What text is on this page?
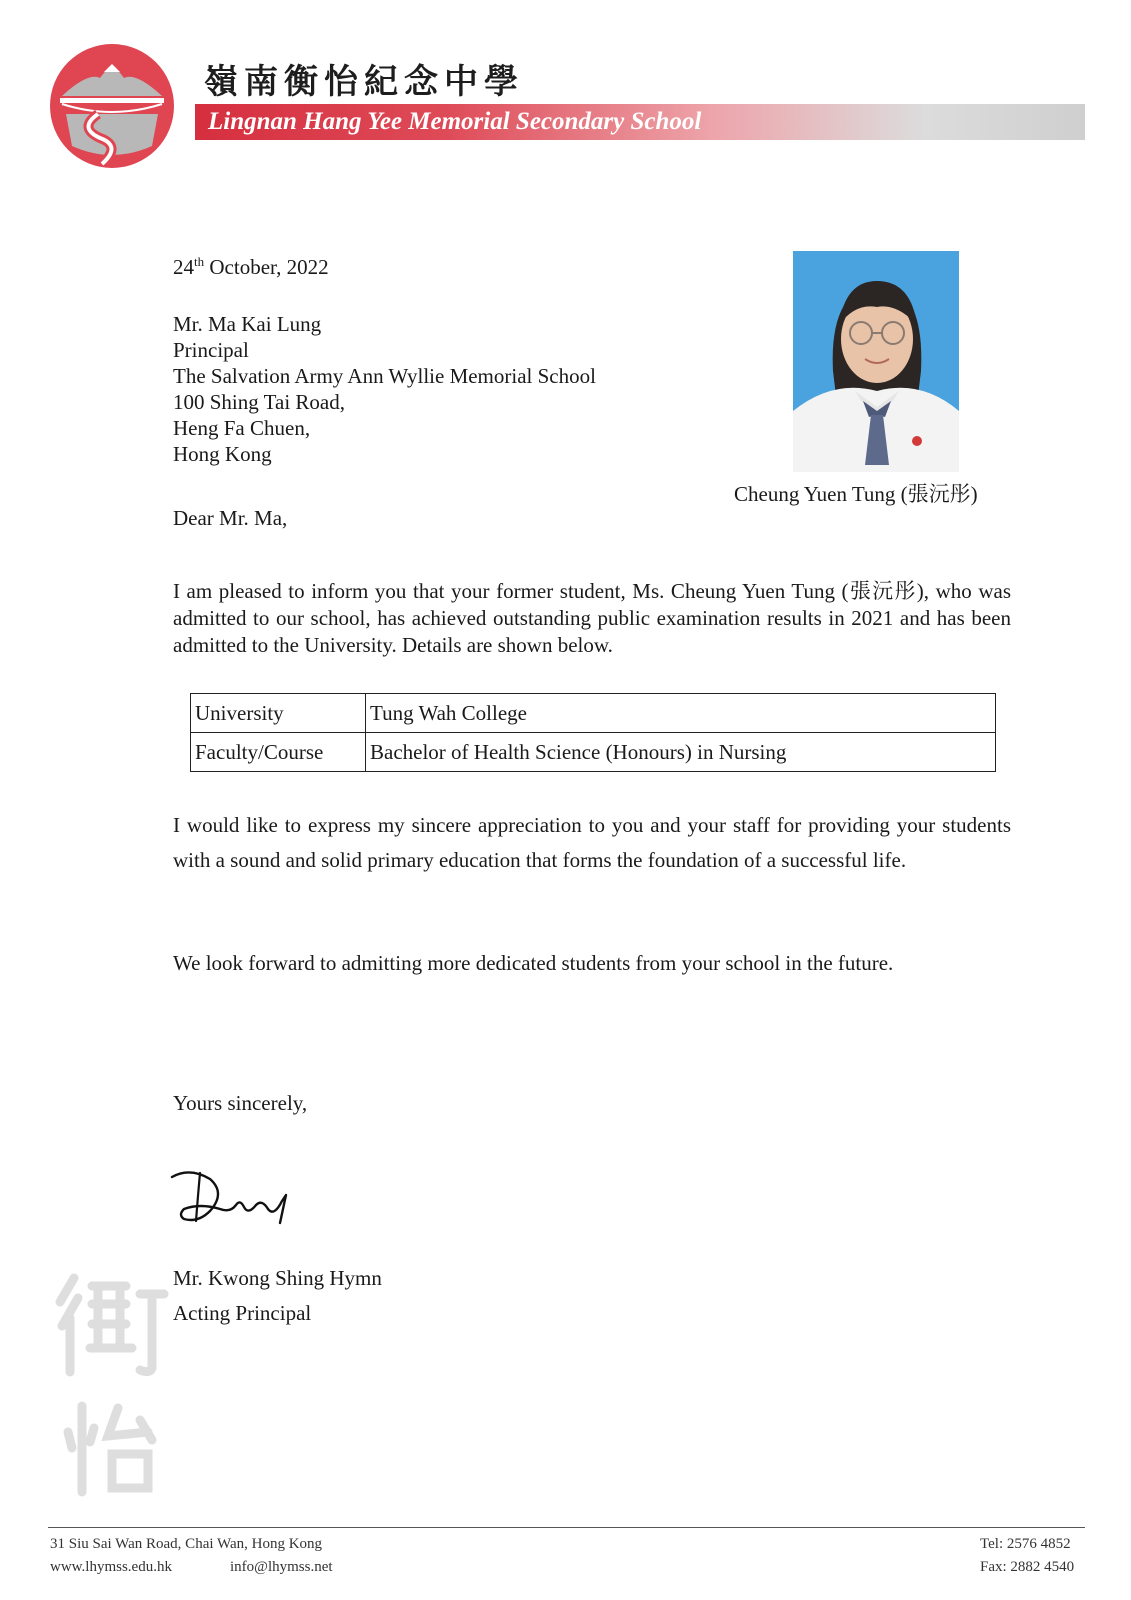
嶺南衡怡紀念中學
Lingnan Hang Yee Memorial Secondary School
24th October, 2022
Mr. Ma Kai Lung
Principal
The Salvation Army Ann Wyllie Memorial School
100 Shing Tai Road,
Heng Fa Chuen,
Hong Kong
Cheung Yuen Tung (張沅彤)
Dear Mr. Ma,
I am pleased to inform you that your former student, Ms. Cheung Yuen Tung (張沅彤), who was admitted to our school, has achieved outstanding public examination results in 2021 and has been admitted to the University. Details are shown below.
University	Tung Wah College
Faculty/Course	Bachelor of Health Science (Honours) in Nursing
I would like to express my sincere appreciation to you and your staff for providing your students with a sound and solid primary education that forms the foundation of a successful life.
We look forward to admitting more dedicated students from your school in the future.
Yours sincerely,
Mr. Kwong Shing Hymn
Acting Principal
31 Siu Sai Wan Road, Chai Wan, Hong Kong
www.lhymss.edu.hk	info@lhymss.net
Tel: 2576 4852
Fax: 2882 4540
